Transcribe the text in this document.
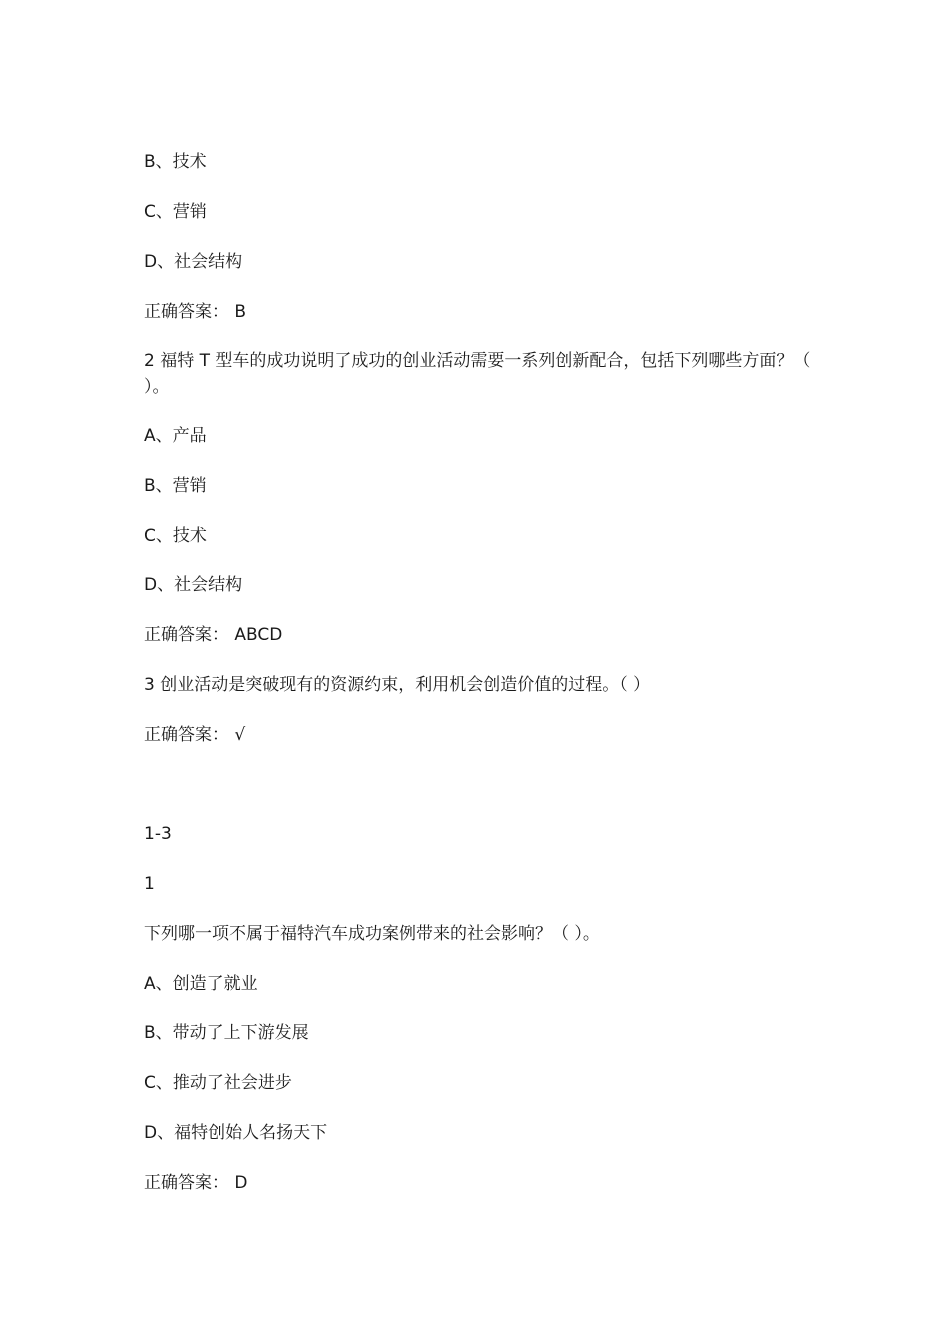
B、技术
C、营销
D、社会结构
正确答案： B
2 福特 T 型车的成功说明了成功的创业活动需要一系列创新配合，包括下列哪些方面？（ ）。
A、产品
B、营销
C、技术
D、社会结构
正确答案： ABCD
3 创业活动是突破现有的资源约束，利用机会创造价值的过程。（ ）
正确答案： √
1-3
1
下列哪一项不属于福特汽车成功案例带来的社会影响？（ ）。
A、创造了就业
B、带动了上下游发展
C、推动了社会进步
D、福特创始人名扬天下
正确答案： D
